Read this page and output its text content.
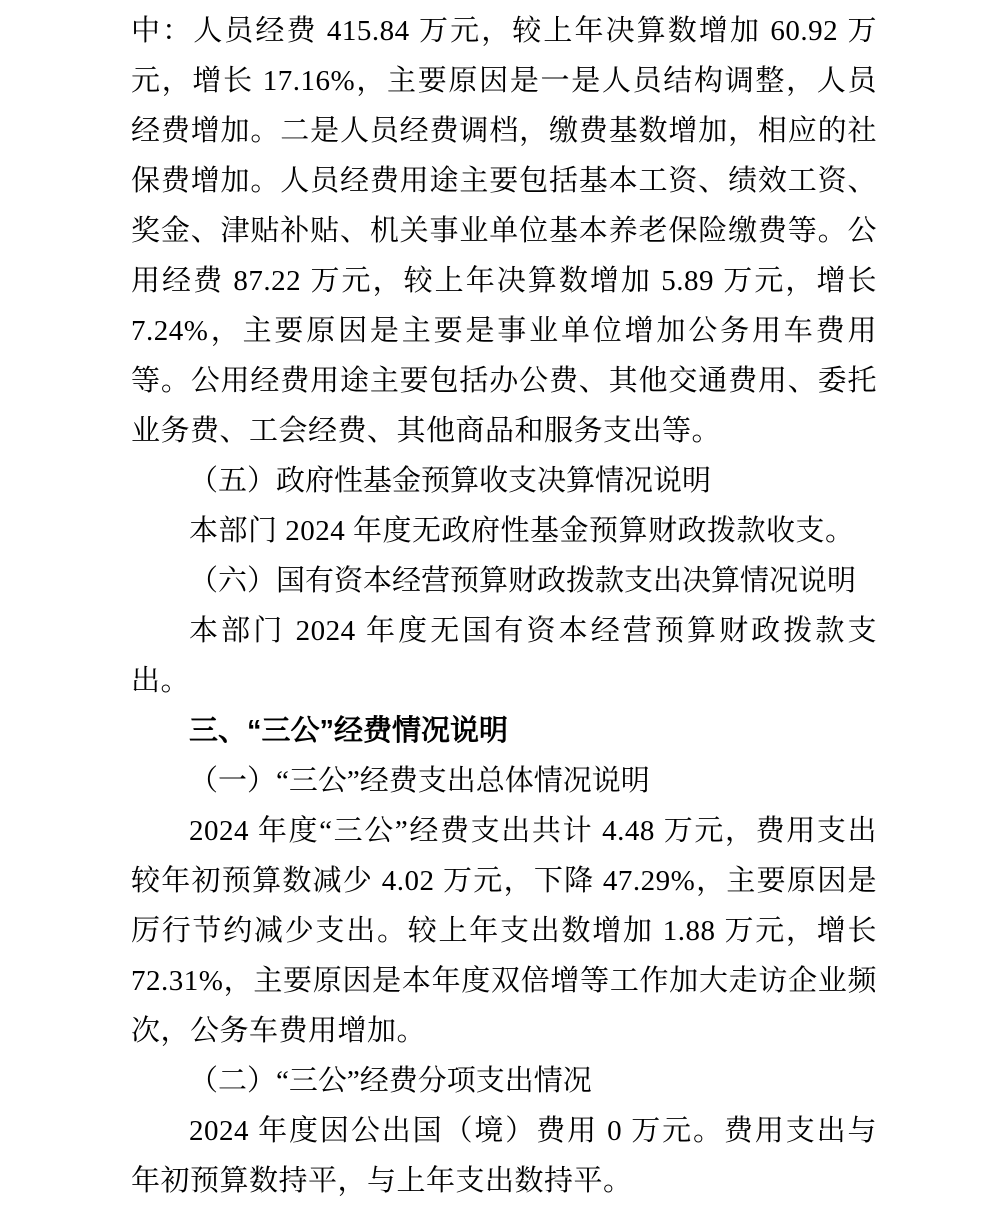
中：人员经费 415.84 万元，较上年决算数增加 60.92 万元，增长 17.16%，主要原因是一是人员结构调整，人员经费增加。二是人员经费调档，缴费基数增加，相应的社保费增加。人员经费用途主要包括基本工资、绩效工资、奖金、津贴补贴、机关事业单位基本养老保险缴费等。公用经费 87.22 万元，较上年决算数增加 5.89 万元，增长 7.24%，主要原因是主要是事业单位增加公务用车费用等。公用经费用途主要包括办公费、其他交通费用、委托业务费、工会经费、其他商品和服务支出等。

（五）政府性基金预算收支决算情况说明

本部门 2024 年度无政府性基金预算财政拨款收支。

（六）国有资本经营预算财政拨款支出决算情况说明

本部门 2024 年度无国有资本经营预算财政拨款支出。

三、“三公”经费情况说明

（一）“三公”经费支出总体情况说明

2024 年度“三公”经费支出共计 4.48 万元，费用支出较年初预算数减少 4.02 万元，下降 47.29%，主要原因是厉行节约减少支出。较上年支出数增加 1.88 万元，增长 72.31%，主要原因是本年度双倍增等工作加大走访企业频次，公务车费用增加。

（二）“三公”经费分项支出情况

2024 年度因公出国（境）费用 0 万元。费用支出与年初预算数持平，与上年支出数持平。
